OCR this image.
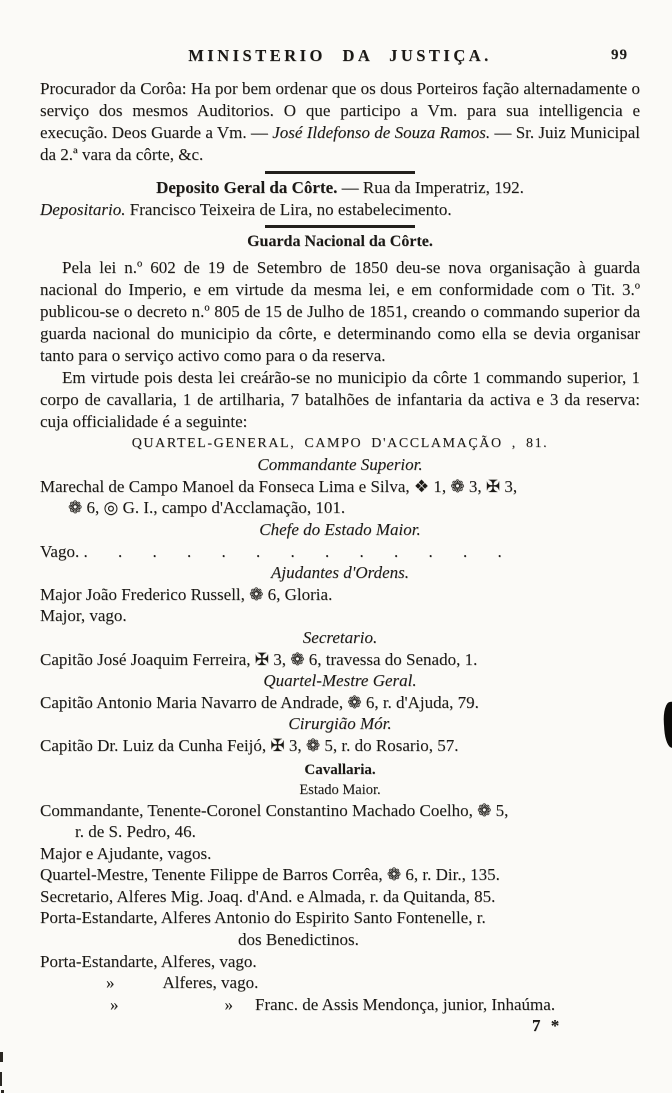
MINISTERIO DA JUSTIÇA.	99

Procurador da Corôa: Ha por bem ordenar que os dous Porteiros fação alternadamente o serviço dos mesmos Auditorios. O que participo a Vm. para sua intelligencia e execução. Deos Guarde a Vm. — José Ildefonso de Souza Ramos. — Sr. Juiz Municipal da 2.ª vara da côrte, &c.

Deposito Geral da Côrte. — Rua da Imperatriz, 192.
Depositario. Francisco Teixeira de Lira, no estabelecimento.
Guarda Nacional da Côrte.

Pela lei n.º 602 de 19 de Setembro de 1850 deu-se nova organisação à guarda nacional do Imperio, e em virtude da mesma lei, e em conformidade com o Tit. 3.º publicou-se o decreto n.º 805 de 15 de Julho de 1851, creando o commando superior da guarda nacional do municipio da côrte, e determinando como ella se devia organisar tanto para o serviço activo como para o da reserva.

Em virtude pois desta lei creárão-se no municipio da côrte 1 commando superior, 1 corpo de cavallaria, 1 de artilharia, 7 batalhões de infantaria da activa e 3 da reserva: cuja officialidade é a seguinte:

QUARTEL-GENERAL, CAMPO D'ACCLAMAÇÃO , 81.
Commandante Superior.
Marechal de Campo Manoel da Fonseca Lima e Silva, ❖ 1, ❁ 3, ✠ 3,
❁ 6, ◎ G. I., campo d'Acclamação, 101.
Chefe do Estado Maior.
Vago. . . . . . . . . . . . . .
Ajudantes d'Ordens.
Major João Frederico Russell, ❁ 6, Gloria.
Major, vago.
Secretario.
Capitão José Joaquim Ferreira, ✠ 3, ❁ 6, travessa do Senado, 1.
Quartel-Mestre Geral.
Capitão Antonio Maria Navarro de Andrade, ❁ 6, r. d'Ajuda, 79.
Cirurgião Mór.
Capitão Dr. Luiz da Cunha Feijó, ✠ 3, ❁ 5, r. do Rosario, 57.
Cavallaria.
Estado Maior.
Commandante, Tenente-Coronel Constantino Machado Coelho, ❁ 5,
r. de S. Pedro, 46.
Major e Ajudante, vagos.
Quartel-Mestre, Tenente Filippe de Barros Corrêa, ❁ 6, r. Dir., 135.
Secretario, Alferes Mig. Joaq. d'And. e Almada, r. da Quitanda, 85.
Porta-Estandarte, Alferes Antonio do Espirito Santo Fontenelle, r.
dos Benedictinos.
Porta-Estandarte, Alferes, vago.
»	Alferes, vago.
»	» Franc. de Assis Mendonça, junior, Inhaúma.
7 *
